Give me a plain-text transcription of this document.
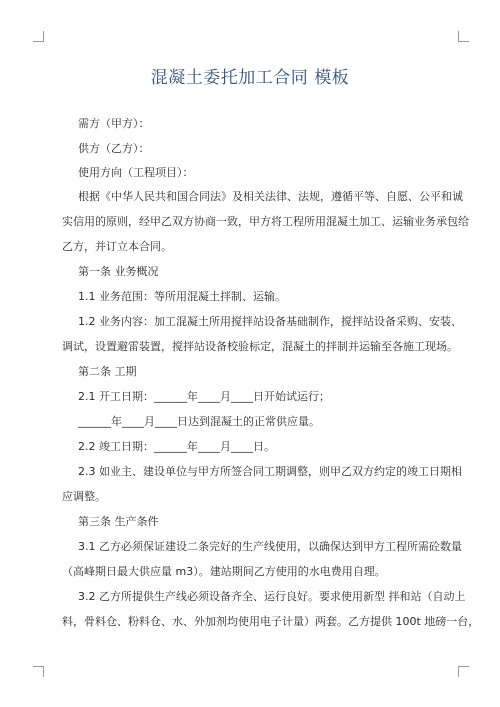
混凝土委托加工合同 模板
需方（甲方）：
供方（乙方）：
使用方向（工程项目）：
根据《中华人民共和国合同法》及相关法律、法规，遵循平等、自愿、公平和诚
实信用的原则，经甲乙双方协商一致，甲方将工程所用混凝土加工、运输业务承包给
乙方，并订立本合同。
第一条 业务概况
1.1 业务范围：等所用混凝土拌制、运输。
1.2 业务内容：加工混凝土所用搅拌站设备基础制作，搅拌站设备采购、安装、
调试，设置避雷装置，搅拌站设备校验标定，混凝土的拌制并运输至各施工现场。
第二条 工期
2.1 开工日期：______年____月____日开始试运行；
______年____月____日达到混凝土的正常供应量。
2.2 竣工日期：______年____月____日。
2.3 如业主、建设单位与甲方所签合同工期调整，则甲乙双方约定的竣工日期相
应调整。
第三条 生产条件
3.1 乙方必须保证建设二条完好的生产线使用，以确保达到甲方工程所需砼数量
（高峰期日最大供应量 m3）。建站期间乙方使用的水电费用自理。
3.2 乙方所提供生产线必须设备齐全、运行良好。要求使用新型 拌和站（自动上
料，骨料仓、粉料仓、水、外加剂均使用电子计量）两套。乙方提供 100t 地磅一台，
